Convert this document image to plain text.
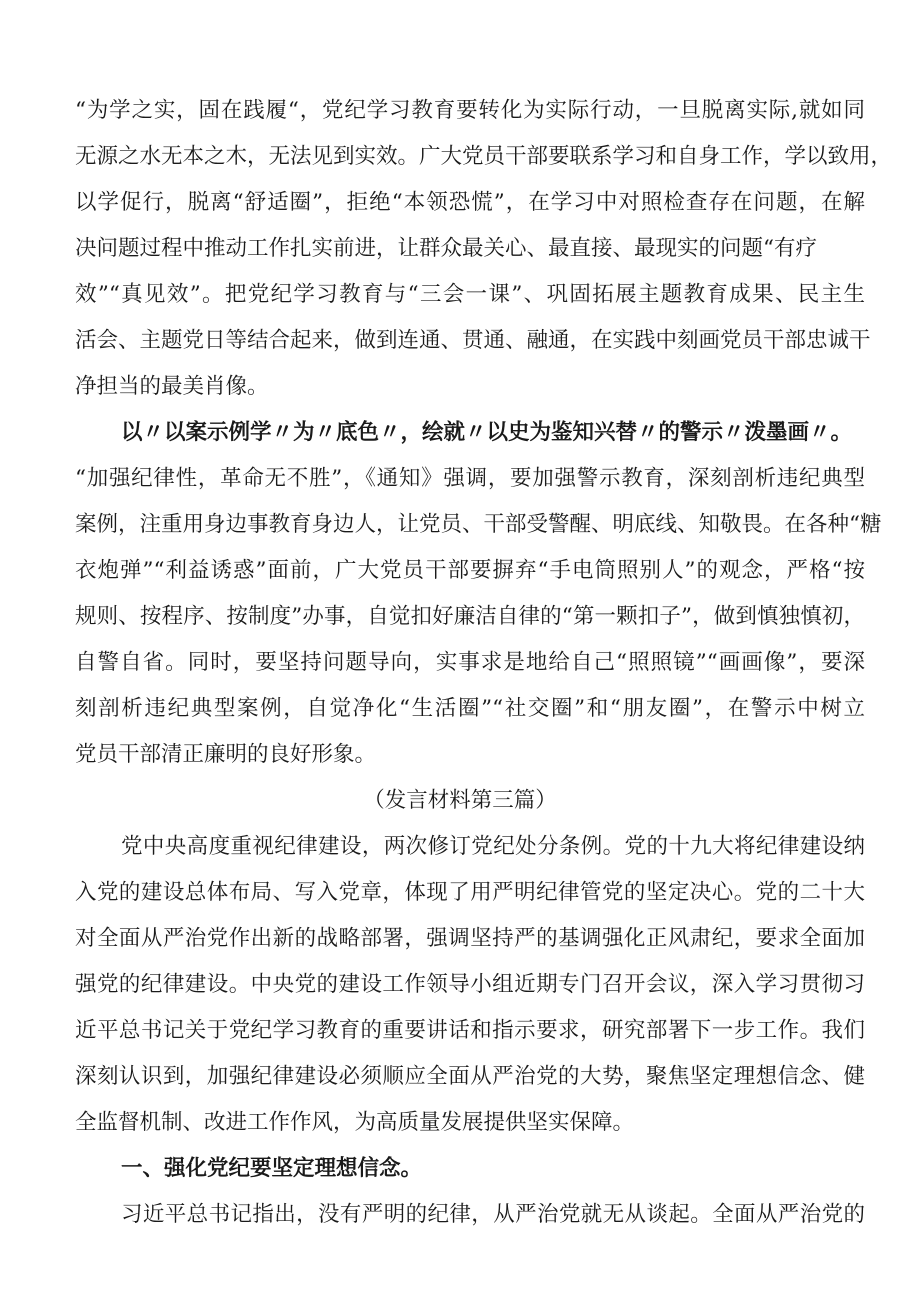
“为学之实，固在践履“，党纪学习教育要转化为实际行动，一旦脱离实际,就如同
无源之水无本之木，无法见到实效。广大党员干部要联系学习和自身工作，学以致用，
以学促行，脱离“舒适圈”，拒绝“本领恐慌”，在学习中对照检查存在问题，在解
决问题过程中推动工作扎实前进，让群众最关心、最直接、最现实的问题“有疗
效”“真见效”。把党纪学习教育与“三会一课”、巩固拓展主题教育成果、民主生
活会、主题党日等结合起来，做到连通、贯通、融通，在实践中刻画党员干部忠诚干
净担当的最美肖像。
以〃以案示例学〃为〃底色〃，绘就〃以史为鉴知兴替〃的警示〃泼墨画〃。
“加强纪律性，革命无不胜”，《通知》强调，要加强警示教育，深刻剖析违纪典型
案例，注重用身边事教育身边人，让党员、干部受警醒、明底线、知敬畏。在各种“糖
衣炮弹”“利益诱惑”面前，广大党员干部要摒弃“手电筒照别人”的观念，严格“按
规则、按程序、按制度”办事，自觉扣好廉洁自律的“第一颗扣子”，做到慎独慎初，
自警自省。同时，要坚持问题导向，实事求是地给自己“照照镜”“画画像”，要深
刻剖析违纪典型案例，自觉净化“生活圈”“社交圈”和“朋友圈”，在警示中树立
党员干部清正廉明的良好形象。
（发言材料第三篇）
党中央高度重视纪律建设，两次修订党纪处分条例。党的十九大将纪律建设纳
入党的建设总体布局、写入党章，体现了用严明纪律管党的坚定决心。党的二十大
对全面从严治党作出新的战略部署，强调坚持严的基调强化正风肃纪，要求全面加
强党的纪律建设。中央党的建设工作领导小组近期专门召开会议，深入学习贯彻习
近平总书记关于党纪学习教育的重要讲话和指示要求，研究部署下一步工作。我们
深刻认识到，加强纪律建设必须顺应全面从严治党的大势，聚焦坚定理想信念、健
全监督机制、改进工作作风，为高质量发展提供坚实保障。
一、强化党纪要坚定理想信念。
习近平总书记指出，没有严明的纪律，从严治党就无从谈起。全面从严治党的
